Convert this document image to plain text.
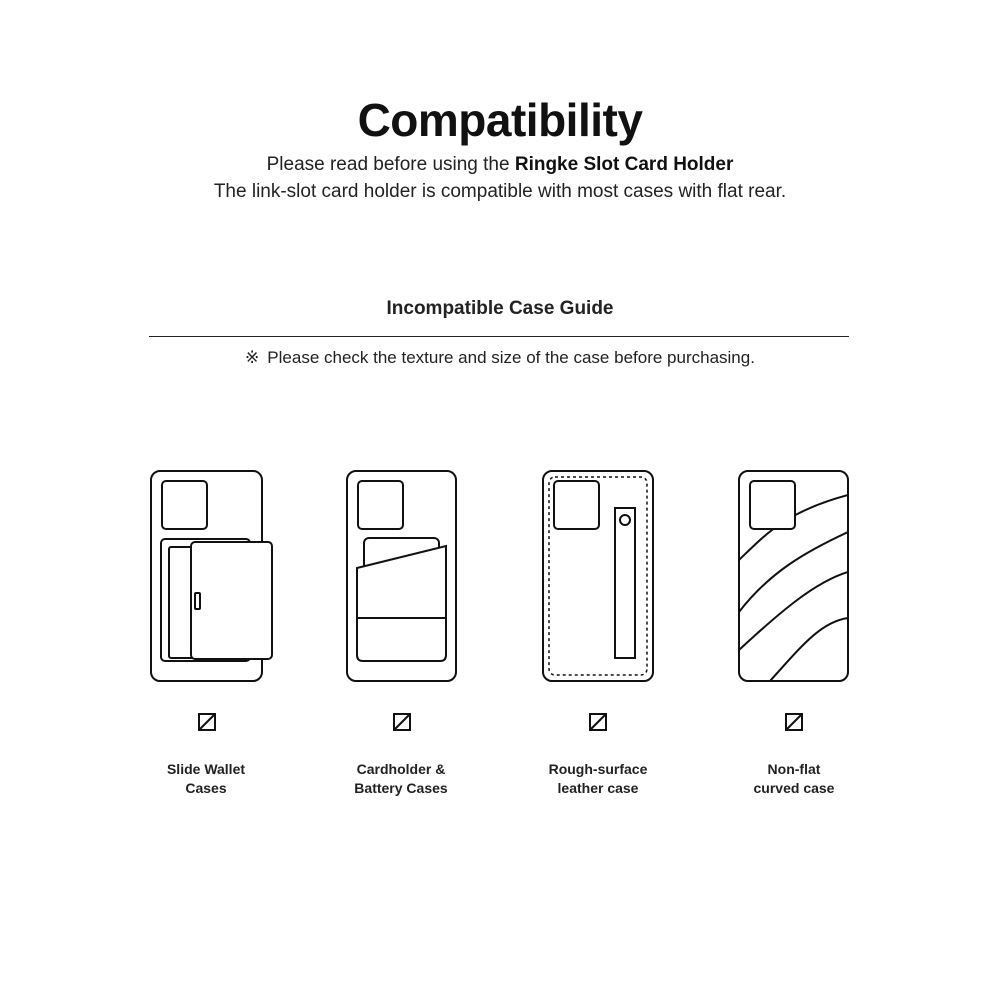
Compatibility
Please read before using the Ringke Slot Card Holder
The link-slot card holder is compatible with most cases with flat rear.
Incompatible Case Guide
※ Please check the texture and size of the case before purchasing.
Slide Wallet
Cases
Cardholder &
Battery Cases
Rough-surface
leather case
Non-flat
curved case
